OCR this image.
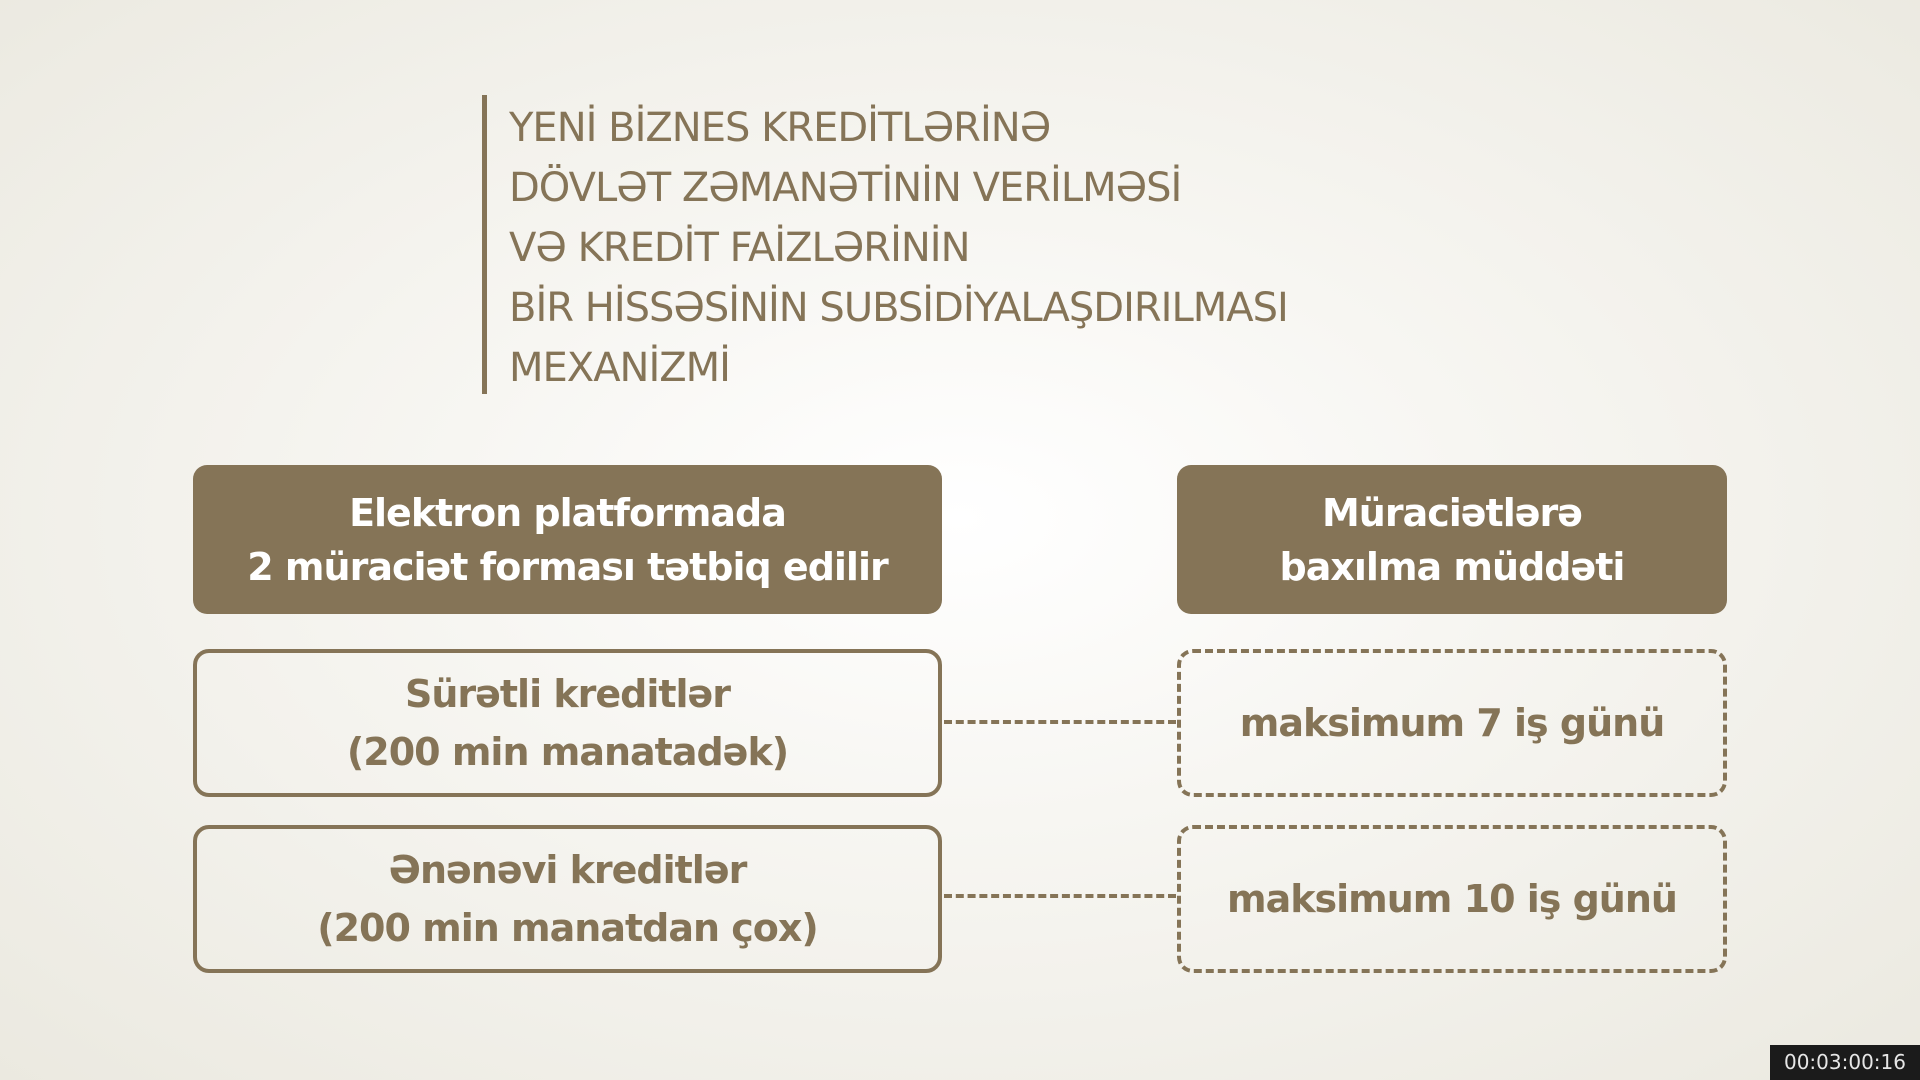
YENİ BİZNES KREDİTLƏRİNƏ
DÖVLƏT ZƏMANƏTİNİN VERİLMƏSİ
VƏ KREDİT FAİZLƏRİNİN
BİR HİSSƏSİNİN SUBSİDİYALAŞDIRILMASI
MEXANİZMİ
Elektron platformada
2 müraciət forması tətbiq edilir
Müraciətlərə
baxılma müddəti
Sürətli kreditlər
(200 min manatadək)
Ənənəvi kreditlər
(200 min manatdan çox)
maksimum 7 iş günü
maksimum 10 iş günü
00:03:00:16
